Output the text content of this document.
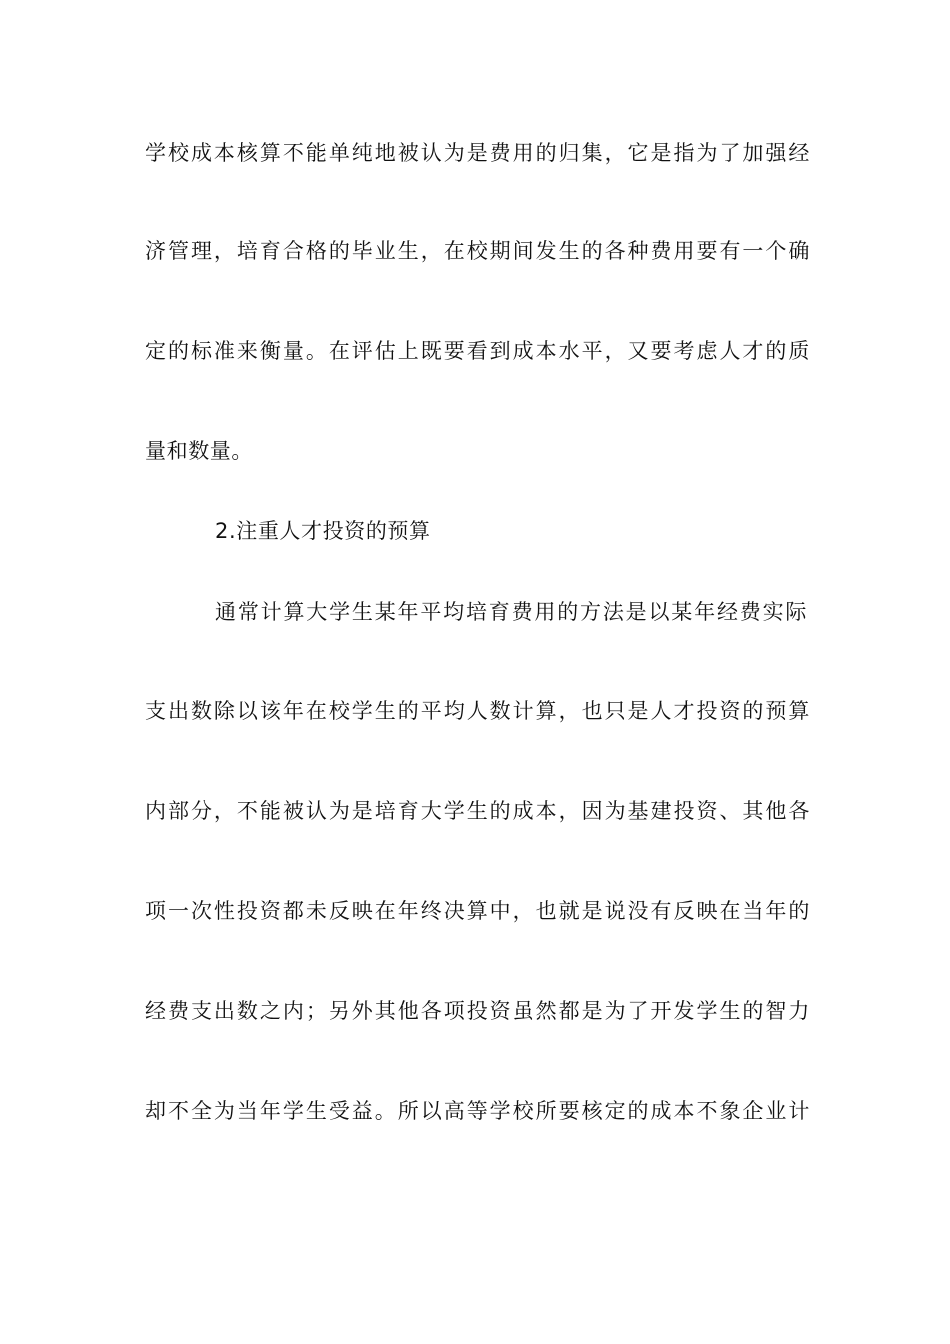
学校成本核算不能单纯地被认为是费用的归集，它是指为了加强经
济管理，培育合格的毕业生，在校期间发生的各种费用要有一个确
定的标准来衡量。在评估上既要看到成本水平，又要考虑人才的质
量和数量。
2.注重人才投资的预算
通常计算大学生某年平均培育费用的方法是以某年经费实际
支出数除以该年在校学生的平均人数计算，也只是人才投资的预算
内部分，不能被认为是培育大学生的成本，因为基建投资、其他各
项一次性投资都未反映在年终决算中，也就是说没有反映在当年的
经费支出数之内；另外其他各项投资虽然都是为了开发学生的智力
却不全为当年学生受益。所以高等学校所要核定的成本不象企业计
